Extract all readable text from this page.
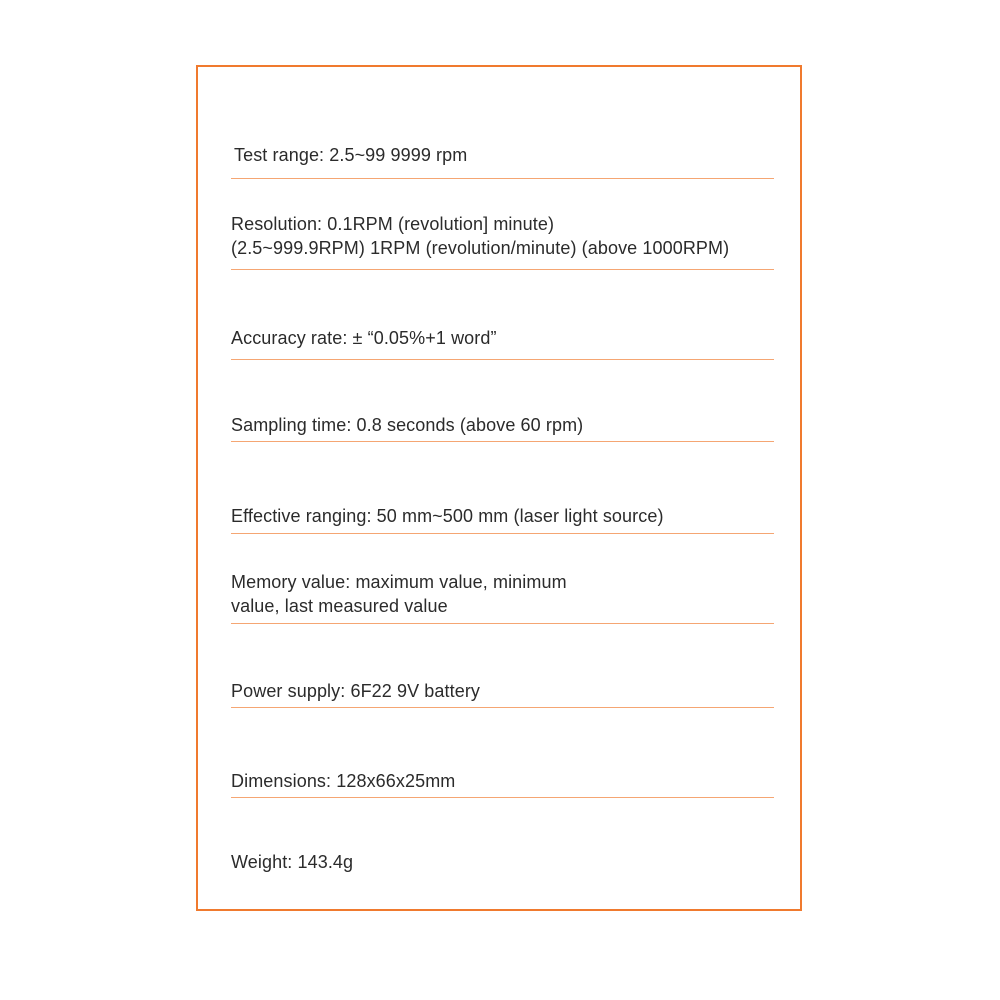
Test range: 2.5~99 9999 rpm
Resolution: 0.1RPM (revolution] minute)
(2.5~999.9RPM) 1RPM (revolution/minute) (above 1000RPM)
Accuracy rate: ± “0.05%+1 word”
Sampling time: 0.8 seconds (above 60 rpm)
Effective ranging: 50 mm~500 mm (laser light source)
Memory value: maximum value, minimum
value, last measured value
Power supply: 6F22 9V battery
Dimensions: 128x66x25mm
Weight: 143.4g
